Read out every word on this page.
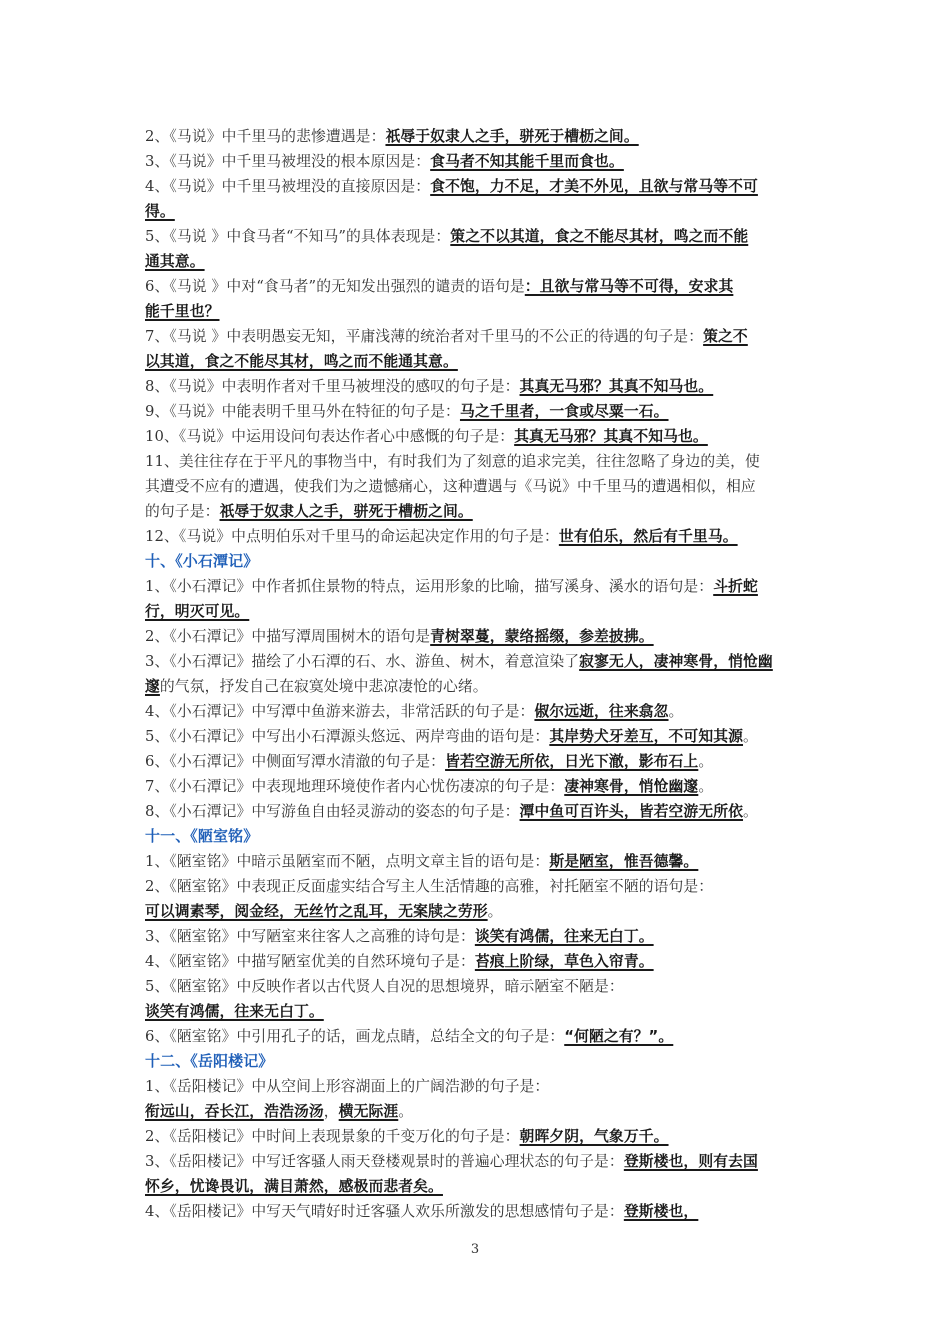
2、《马说》中千里马的悲惨遭遇是：祇辱于奴隶人之手，骈死于槽枥之间。
3、《马说》中千里马被埋没的根本原因是：食马者不知其能千里而食也。
4、《马说》中千里马被埋没的直接原因是：食不饱，力不足，才美不外见，且欲与常马等不可
得。
5、《马说 》中食马者“不知马”的具体表现是：策之不以其道，食之不能尽其材，鸣之而不能
通其意。
6、《马说 》中对“食马者”的无知发出强烈的谴责的语句是：且欲与常马等不可得，安求其
能千里也？
7、《马说 》中表明愚妄无知，平庸浅薄的统治者对千里马的不公正的待遇的句子是：策之不
以其道，食之不能尽其材，鸣之而不能通其意。
8、《马说》中表明作者对千里马被埋没的感叹的句子是：其真无马邪？其真不知马也。
9、《马说》中能表明千里马外在特征的句子是：马之千里者，一食或尽粟一石。
10、《马说》中运用设问句表达作者心中感慨的句子是：其真无马邪？其真不知马也。
11、美往往存在于平凡的事物当中，有时我们为了刻意的追求完美，往往忽略了身边的美，使
其遭受不应有的遭遇，使我们为之遗憾痛心，这种遭遇与《马说》中千里马的遭遇相似，相应
的句子是：祇辱于奴隶人之手，骈死于槽枥之间。
12、《马说》中点明伯乐对千里马的命运起决定作用的句子是：世有伯乐，然后有千里马。
十、《小石潭记》
1、《小石潭记》中作者抓住景物的特点，运用形象的比喻，描写溪身、溪水的语句是：斗折蛇
行，明灭可见。
2、《小石潭记》中描写潭周围树木的语句是青树翠蔓，蒙络摇缀，参差披拂。
3、《小石潭记》描绘了小石潭的石、水、游鱼、树木，着意渲染了寂寥无人，凄神寒骨，悄怆幽
邃的气氛，抒发自己在寂寞处境中悲凉凄怆的心绪。
4、《小石潭记》中写潭中鱼游来游去，非常活跃的句子是：俶尔远逝，往来翕忽。
5、《小石潭记》中写出小石潭源头悠远、两岸弯曲的语句是：其岸势犬牙差互，不可知其源。
6、《小石潭记》中侧面写潭水清澈的句子是：皆若空游无所依，日光下澈，影布石上。
7、《小石潭记》中表现地理环境使作者内心忧伤凄凉的句子是：凄神寒骨，悄怆幽邃。
8、《小石潭记》中写游鱼自由轻灵游动的姿态的句子是：潭中鱼可百许头，皆若空游无所依。
十一、《陋室铭》
1、《陋室铭》中暗示虽陋室而不陋，点明文章主旨的语句是：斯是陋室，惟吾德馨。
2、《陋室铭》中表现正反面虚实结合写主人生活情趣的高雅，衬托陋室不陋的语句是：
可以调素琴，阅金经，无丝竹之乱耳，无案牍之劳形。
3、《陋室铭》中写陋室来往客人之高雅的诗句是：谈笑有鸿儒，往来无白丁。
4、《陋室铭》中描写陋室优美的自然环境句子是：苔痕上阶绿，草色入帘青。
5、《陋室铭》中反映作者以古代贤人自况的思想境界，暗示陋室不陋是：
谈笑有鸿儒，往来无白丁。
6、《陋室铭》中引用孔子的话，画龙点睛，总结全文的句子是：“何陋之有？”。
十二、《岳阳楼记》
1、《岳阳楼记》中从空间上形容湖面上的广阔浩渺的句子是：
衔远山，吞长江，浩浩汤汤，横无际涯。
2、《岳阳楼记》中时间上表现景象的千变万化的句子是：朝晖夕阴，气象万千。
3、《岳阳楼记》中写迁客骚人雨天登楼观景时的普遍心理状态的句子是：登斯楼也，则有去国
怀乡，忧谗畏讥，满目萧然，感极而悲者矣。
4、《岳阳楼记》中写天气晴好时迁客骚人欢乐所激发的思想感情句子是：登斯楼也，
3
